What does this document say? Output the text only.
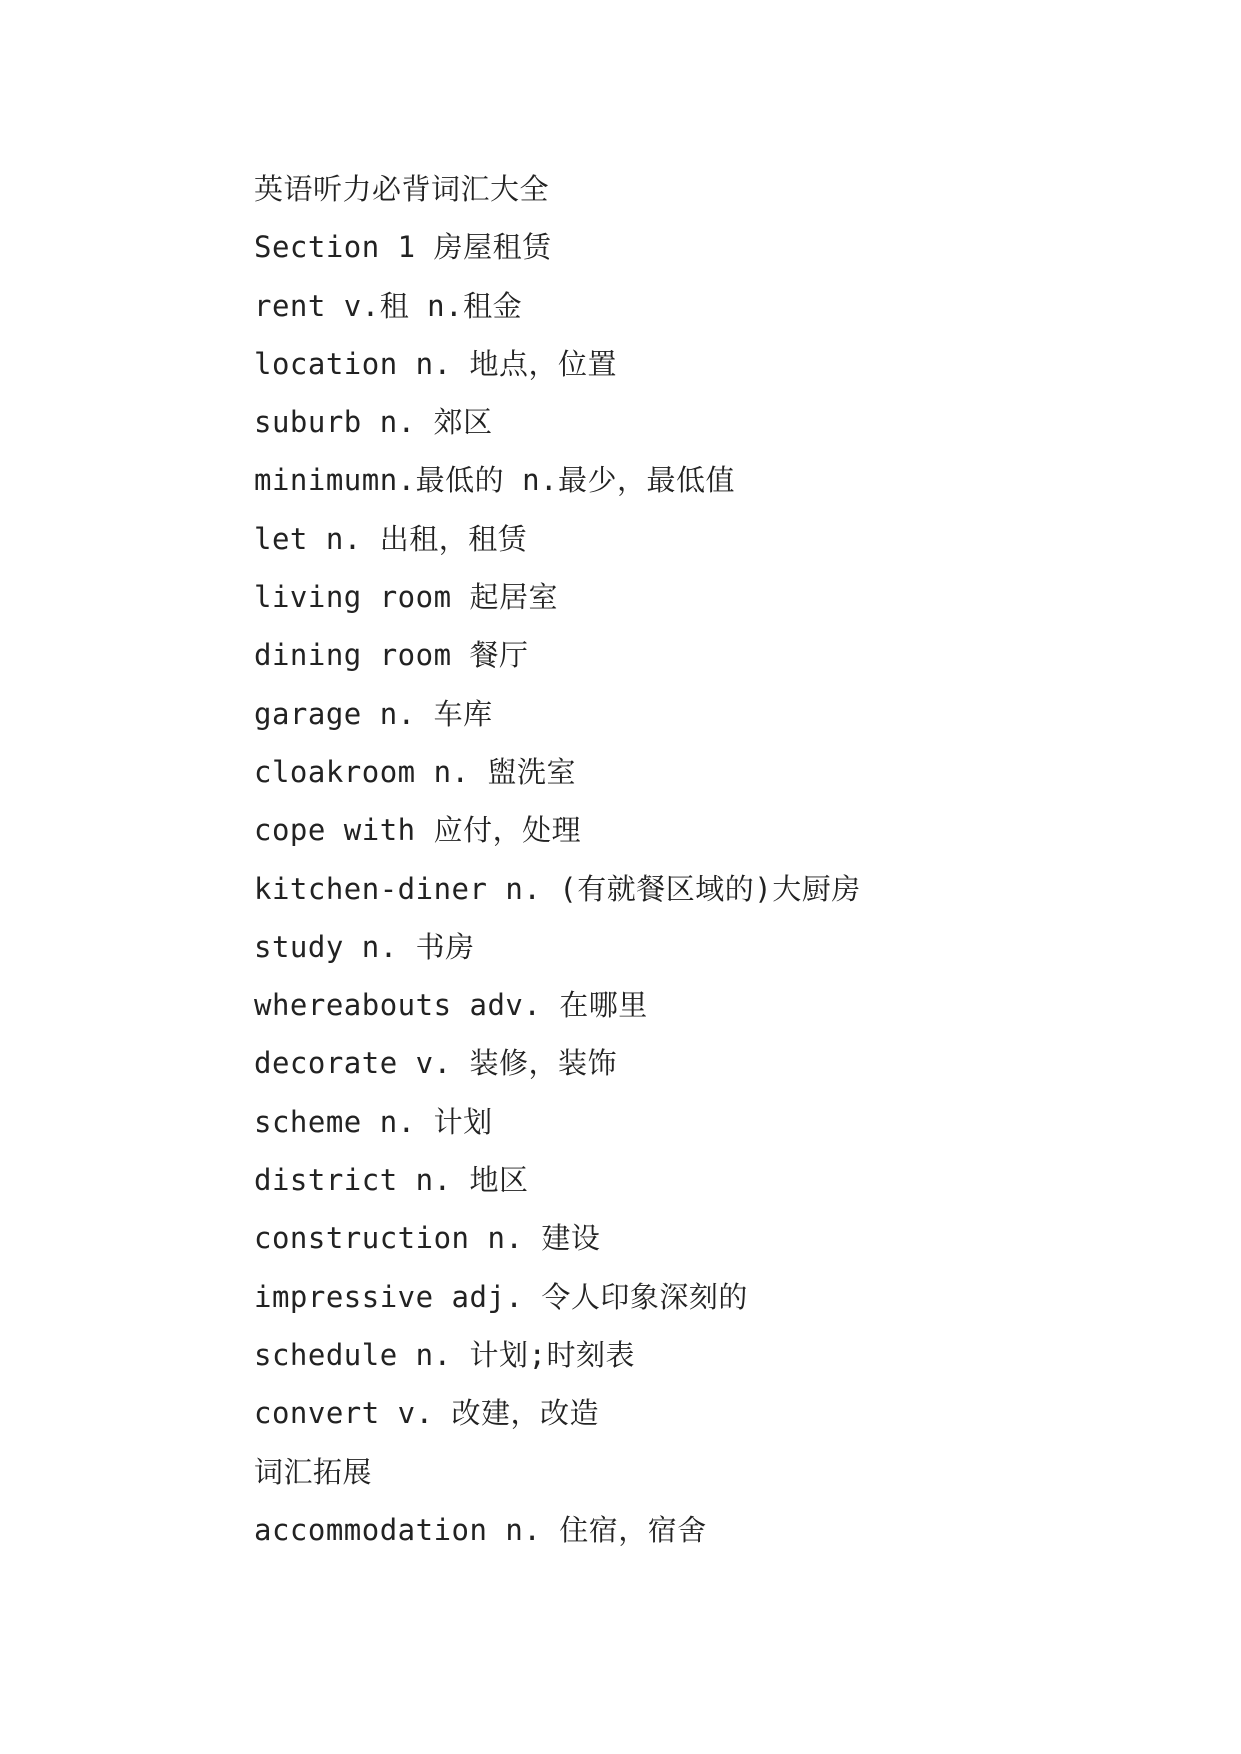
英语听力必背词汇大全
Section 1 房屋租赁
rent v.租 n.租金
location n. 地点，位置
suburb n. 郊区
minimumn.最低的 n.最少，最低值
let n. 出租，租赁
living room 起居室
dining room 餐厅
garage n. 车库
cloakroom n. 盥洗室
cope with 应付，处理
kitchen-diner n. (有就餐区域的)大厨房
study n. 书房
whereabouts adv. 在哪里
decorate v. 装修，装饰
scheme n. 计划
district n. 地区
construction n. 建设
impressive adj. 令人印象深刻的
schedule n. 计划;时刻表
convert v. 改建，改造
词汇拓展
accommodation n. 住宿，宿舍
